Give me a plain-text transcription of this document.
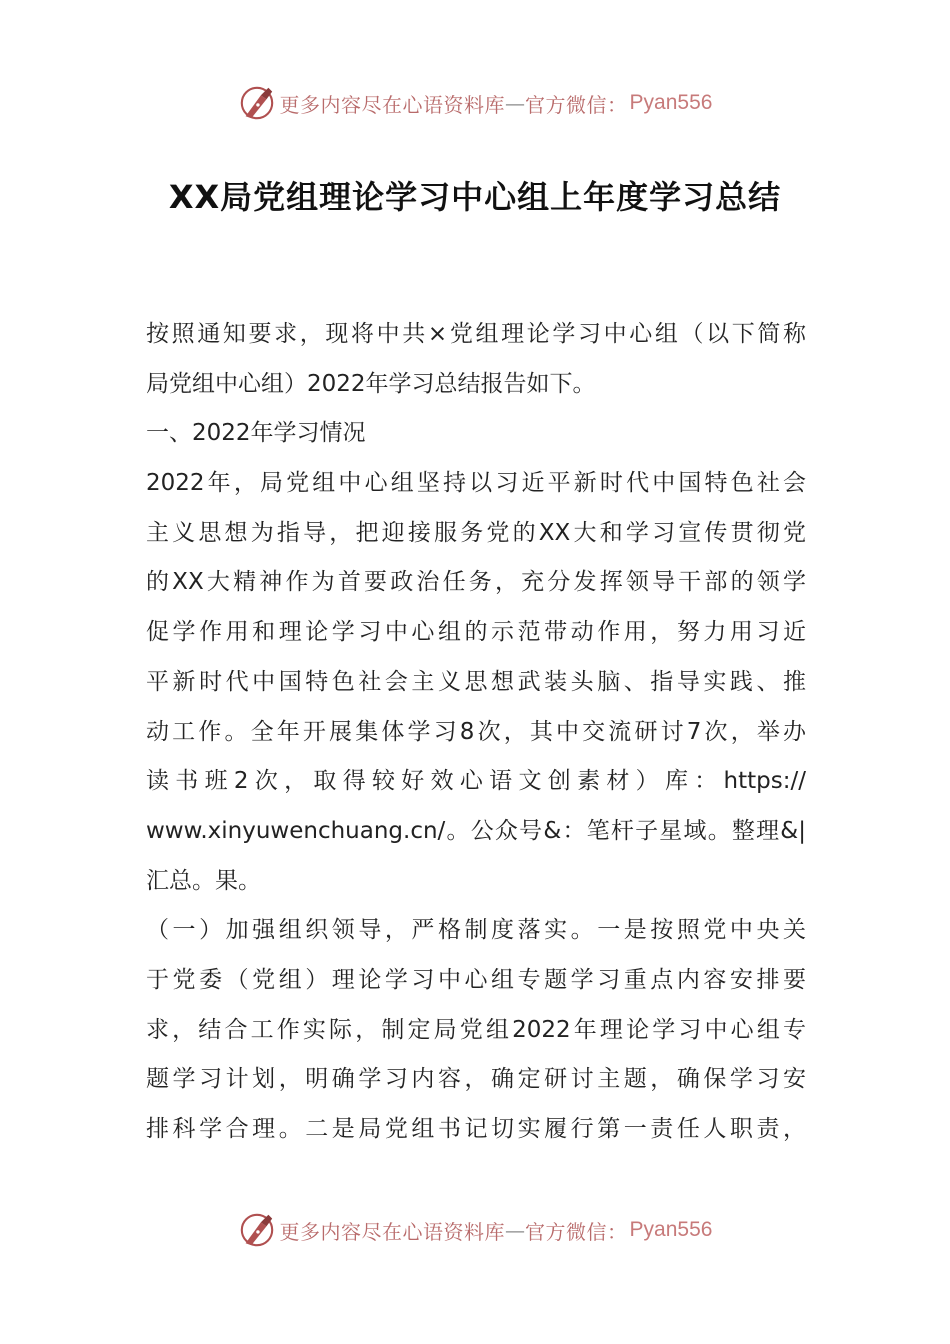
更多内容尽在心语资料库 — 官方微信： Pyan556
XX局党组理论学习中心组上年度学习总结
按照通知要求，现将中共×党组理论学习中心组（以下简称
局党组中心组）2022年学习总结报告如下。
一、2022年学习情况
2022年，局党组中心组坚持以习近平新时代中国特色社会
主义思想为指导，把迎接服务党的XX大和学习宣传贯彻党
的XX大精神作为首要政治任务，充分发挥领导干部的领学
促学作用和理论学习中心组的示范带动作用，努力用习近
平新时代中国特色社会主义思想武装头脑、指导实践、推
动工作。全年开展集体学习8次，其中交流研讨7次，举办
读书班2次，取得较好效心语文创素材）库：https://
www.xinyuwenchuang.cn/。公众号&：笔杆子星域。整理&|
汇总。果。
（一）加强组织领导，严格制度落实。一是按照党中央关
于党委（党组）理论学习中心组专题学习重点内容安排要
求，结合工作实际，制定局党组2022年理论学习中心组专
题学习计划，明确学习内容，确定研讨主题，确保学习安
排科学合理。二是局党组书记切实履行第一责任人职责，
更多内容尽在心语资料库 — 官方微信： Pyan556
